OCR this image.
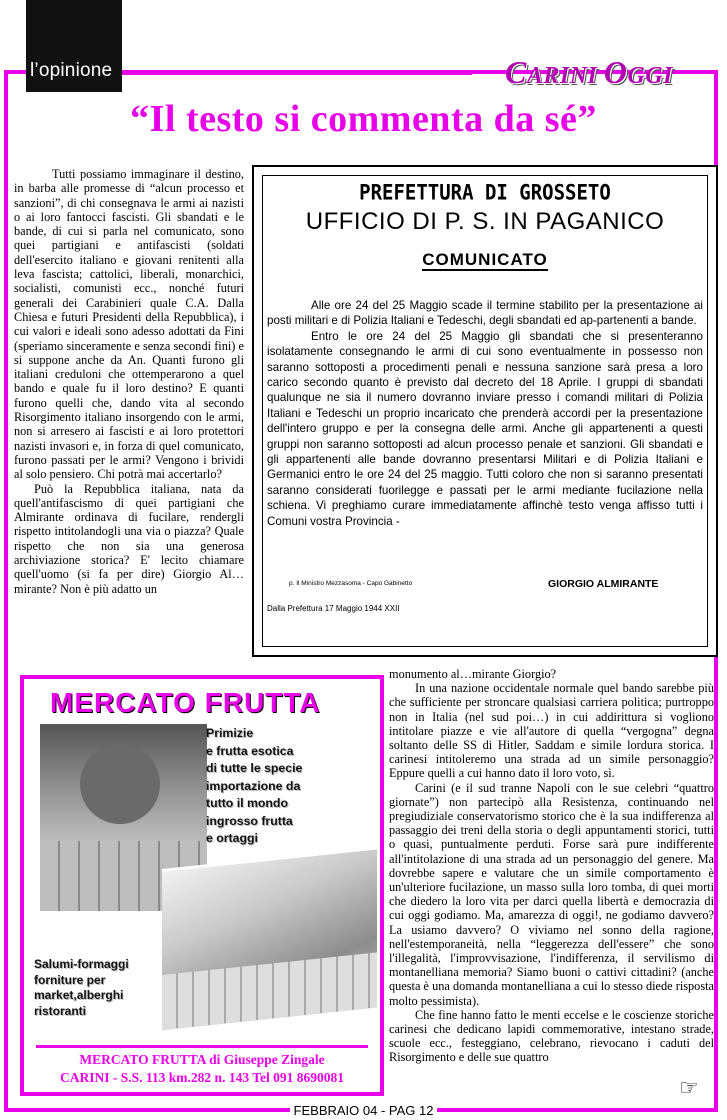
l’opinione	CARINI OGGI
“Il testo si commenta da sé”

Tutti possiamo immaginare il destino, in barba alle promesse di “alcun processo et sanzioni”, di chi consegnava le armi ai nazisti o ai loro fantocci fascisti. Gli sbandati e le bande, di cui si parla nel comunicato, sono quei partigiani e antifascisti (soldati dell'esercito italiano e giovani renitenti alla leva fascista; cattolici, liberali, monarchici, socialisti, comunisti ecc., nonché futuri generali dei Carabinieri quale C.A. Dalla Chiesa e futuri Presidenti della Repubblica), i cui valori e ideali sono adesso adottati da Fini (speriamo sinceramente e senza secondi fini) e si suppone anche da An. Quanti furono gli italiani creduloni che ottemperarono a quel bando e quale fu il loro destino? E quanti furono quelli che, dando vita al secondo Risorgimento italiano insorgendo con le armi, non si arresero ai fascisti e ai loro protettori nazisti invasori e, in forza di quel comunicato, furono passati per le armi? Vengono i brividi al solo pensiero. Chi potrà mai accertarlo?

Può la Repubblica italiana, nata da quell'antifascismo di quei partigiani che Almirante ordinava di fucilare, rendergli rispetto intitolandogli una via o piazza? Quale rispetto che non sia una generosa archiviazione storica? E' lecito chiamare quell'uomo (si fa per dire) Giorgio Al…mirante? Non è più adatto un

PREFETTURA DI GROSSETO
UFFICIO DI P. S. IN PAGANICO
COMUNICATO

Alle ore 24 del 25 Maggio scade il termine stabilito per la presentazione ai posti militari e di Polizia Italiani e Tedeschi, degli sbandati ed ap-partenenti a bande.

Entro le ore 24 del 25 Maggio gli sbandati che si presenteranno isolatamente consegnando le armi di cui sono eventualmente in possesso non saranno sottoposti a procedimenti penali e nessuna sanzione sarà presa a loro carico secondo quanto è previsto dal decreto del 18 Aprile. I gruppi di sbandati qualunque ne sia il numero dovranno inviare presso i comandi militari di Polizia Italiani e Tedeschi un proprio incaricato che prenderà accordi per la presentazione dell'intero gruppo e per la consegna delle armi. Anche gli appartenenti a questi gruppi non saranno sottoposti ad alcun processo penale et sanzioni. Gli sbandati e gli appartenenti alle bande dovranno presentarsi Militari e di Polizia Italiani e Germanici entro le ore 24 del 25 maggio. Tutti coloro che non si saranno presentati saranno considerati fuorilegge e passati per le armi mediante fucilazione nella schiena. Vi preghiamo curare immediatamente affinchè testo venga affisso tutti i Comuni vostra Provincia -

p. Il Ministro Mezzasoma - Capo Gabinetto	GIORGIO ALMIRANTE
Dalla Prefettura 17 Maggio 1944 XXII
MERCATO FRUTTA
Primizie
e frutta esotica
di tutte le specie
importazione da
tutto il mondo
ingrosso frutta
e ortaggi
Salumi-formaggi
forniture per
market,alberghi
ristoranti
MERCATO FRUTTA di Giuseppe Zingale
CARINI - S.S. 113 km.282 n. 143 Tel 091 8690081

monumento al…mirante Giorgio?

In una nazione occidentale normale quel bando sarebbe più che sufficiente per stroncare qualsiasi carriera politica; purtroppo non in Italia (nel sud poi…) in cui addirittura si vogliono intitolare piazze e vie all'autore di quella “vergogna” degna soltanto delle SS di Hitler, Saddam e simile lordura storica. I carinesi intitoleremo una strada ad un simile personaggio? Eppure quelli a cui hanno dato il loro voto, sì.

Carini (e il sud tranne Napoli con le sue celebri “quattro giornate”) non partecipò alla Resistenza, continuando nel pregiudiziale conservatorismo storico che è la sua indifferenza al passaggio dei treni della storia o degli appuntamenti storici, tutti o quasi, puntualmente perduti. Forse sarà pure indifferente all'intitolazione di una strada ad un personaggio del genere. Ma dovrebbe sapere e valutare che un simile comportamento è un'ulteriore fucilazione, un masso sulla loro tomba, di quei morti che diedero la loro vita per darci quella libertà e democrazia di cui oggi godiamo. Ma, amarezza di oggi!, ne godiamo davvero? La usiamo davvero? O viviamo nel sonno della ragione, nell'estemporaneità, nella “leggerezza dell'essere” che sono l'illegalità, l'improvvisazione, l'indifferenza, il servilismo di montanelliana memoria? Siamo buoni o cattivi cittadini? (anche questa è una domanda montanelliana a cui lo stesso diede risposta molto pessimista).

Che fine hanno fatto le menti eccelse e le coscienze storiche carinesi che dedicano lapidi commemorative, intestano strade, scuole ecc., festeggiano, celebrano, rievocano i caduti del Risorgimento e delle sue quattro

☞
FEBBRAIO 04 - PAG 12
